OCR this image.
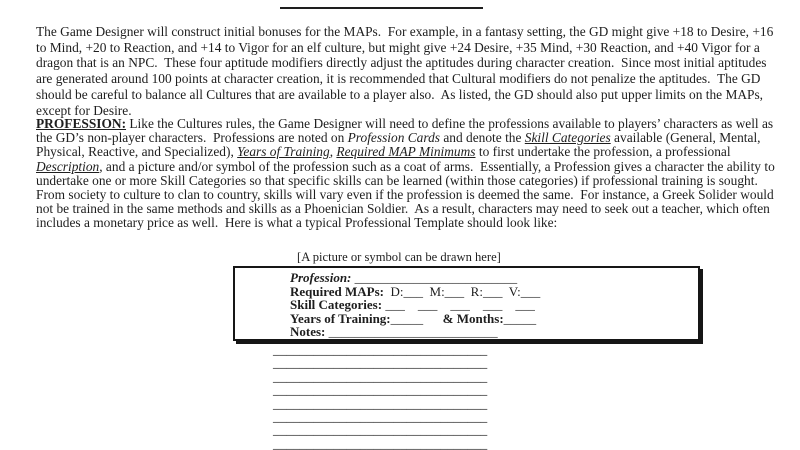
The Game Designer will construct initial bonuses for the MAPs.  For example, in a fantasy setting, the GD might give +18 to Desire, +16 to Mind, +20 to Reaction, and +14 to Vigor for an elf culture, but might give +24 Desire, +35 Mind, +30 Reaction, and +40 Vigor for a dragon that is an NPC.  These four aptitude modifiers directly adjust the aptitudes during character creation.  Since most initial aptitudes are generated around 100 points at character creation, it is recommended that Cultural modifiers do not penalize the aptitudes.  The GD should be careful to balance all Cultures that are available to a player also.  As listed, the GD should also put upper limits on the MAPs, except for Desire.

PROFESSION: Like the Cultures rules, the Game Designer will need to define the professions available to players’ characters as well as the GD’s non-player characters.  Professions are noted on Profession Cards and denote the Skill Categories available (General, Mental, Physical, Reactive, and Specialized), Years of Training, Required MAP Minimums to first undertake the profession, a professional Description, and a picture and/or symbol of the profession such as a coat of arms.  Essentially, a Profession gives a character the ability to undertake one or more Skill Categories so that specific skills can be learned (within those categories) if professional training is sought.  From society to culture to clan to country, skills will vary even if the profession is deemed the same.  For instance, a Greek Solider would not be trained in the same methods and skills as a Phoenician Soldier.  As a result, characters may need to seek out a teacher, which often includes a monetary price as well.  Here is what a typical Professional Template should look like:

[A picture or symbol can be drawn here]
Profession: _________________________
Required MAPs:  D:___  M:___  R:___  V:___
Skill Categories: ___    ___    ___    ___    ___
Years of Training:_____      & Months:_____
Notes: __________________________
________________________________
________________________________
________________________________
________________________________
________________________________
________________________________
________________________________
________________________________
